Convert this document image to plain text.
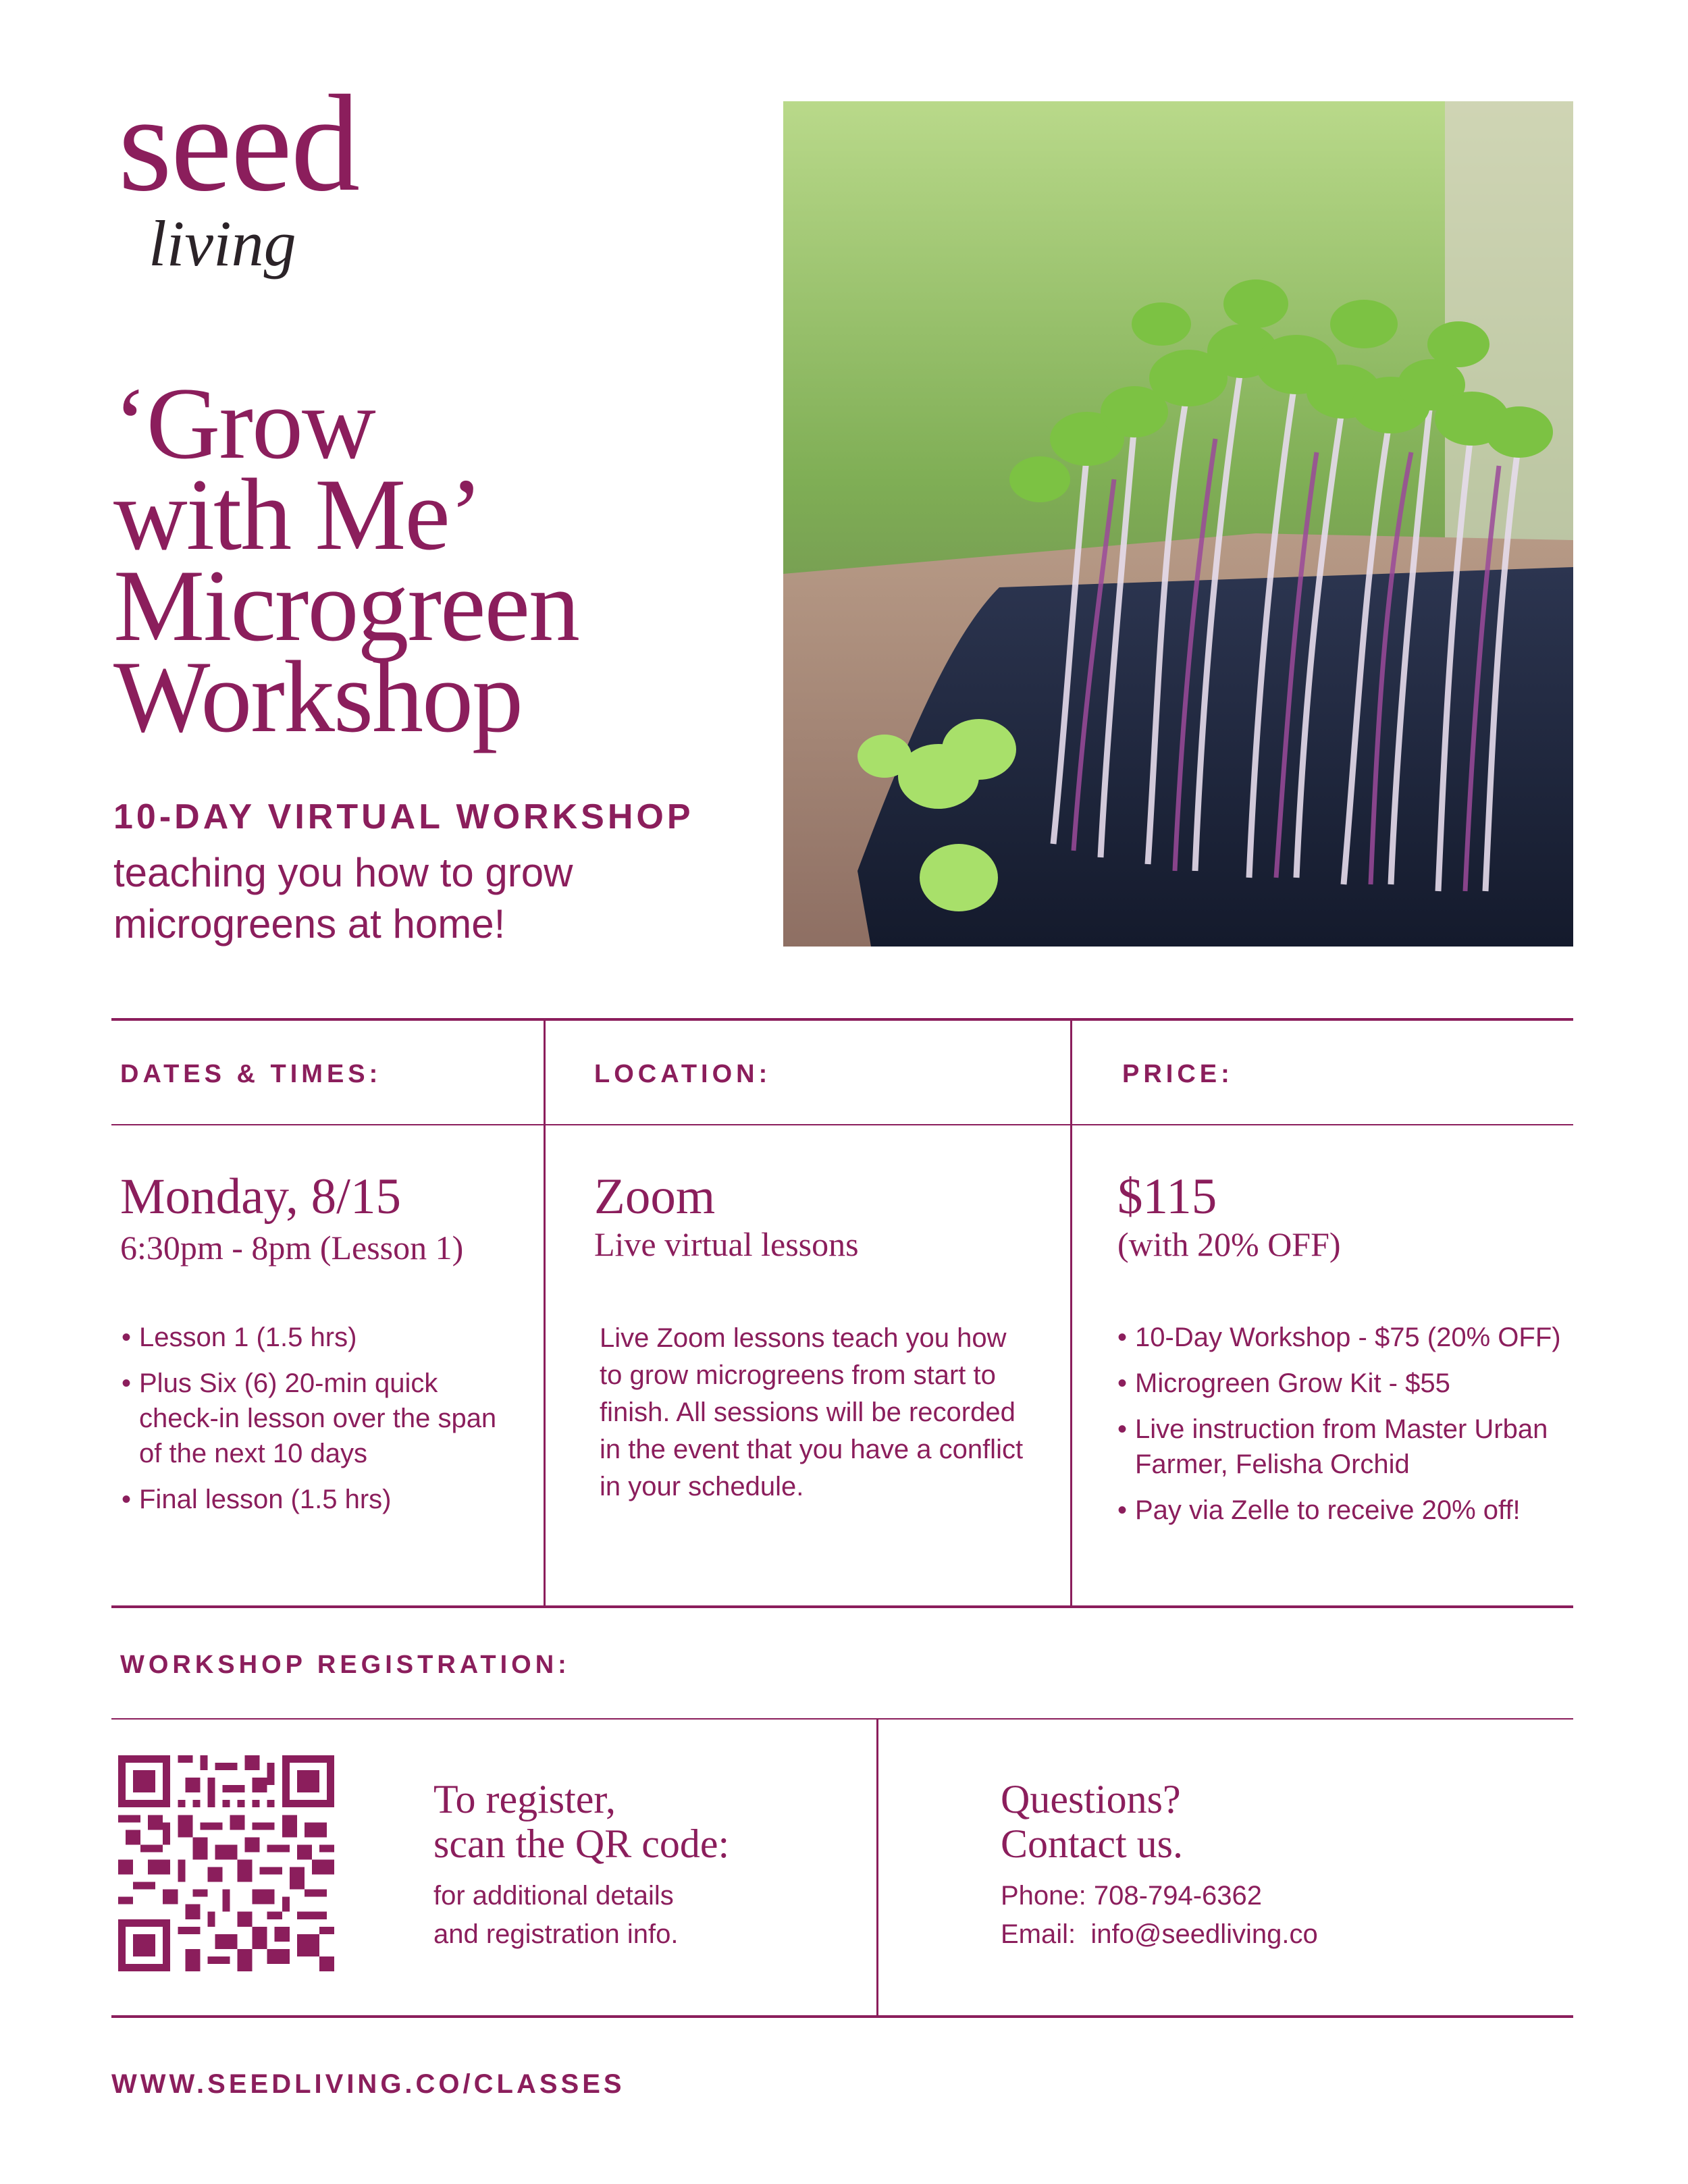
seed
living
‘Grow
with Me’
Microgreen
Workshop
10-DAY VIRTUAL WORKSHOP
teaching you how to grow
microgreens at home!
DATES & TIMES:	LOCATION:	PRICE:
Monday, 8/15
6:30pm - 8pm (Lesson 1)
• Lesson 1 (1.5 hrs)
• Plus Six (6) 20-min quick check-in lesson over the span of the next 10 days
• Final lesson (1.5 hrs)
Zoom
Live virtual lessons
Live Zoom lessons teach you how to grow microgreens from start to finish. All sessions will be recorded in the event that you have a conflict in your schedule.
$115
(with 20% OFF)
• 10-Day Workshop - $75 (20% OFF)
• Microgreen Grow Kit - $55
• Live instruction from Master Urban Farmer, Felisha Orchid
• Pay via Zelle to receive 20% off!
WORKSHOP REGISTRATION:
To register,
scan the QR code:
for additional details
and registration info.
Questions?
Contact us.
Phone: 708-794-6362
Email:  info@seedliving.co
WWW.SEEDLIVING.CO/CLASSES
